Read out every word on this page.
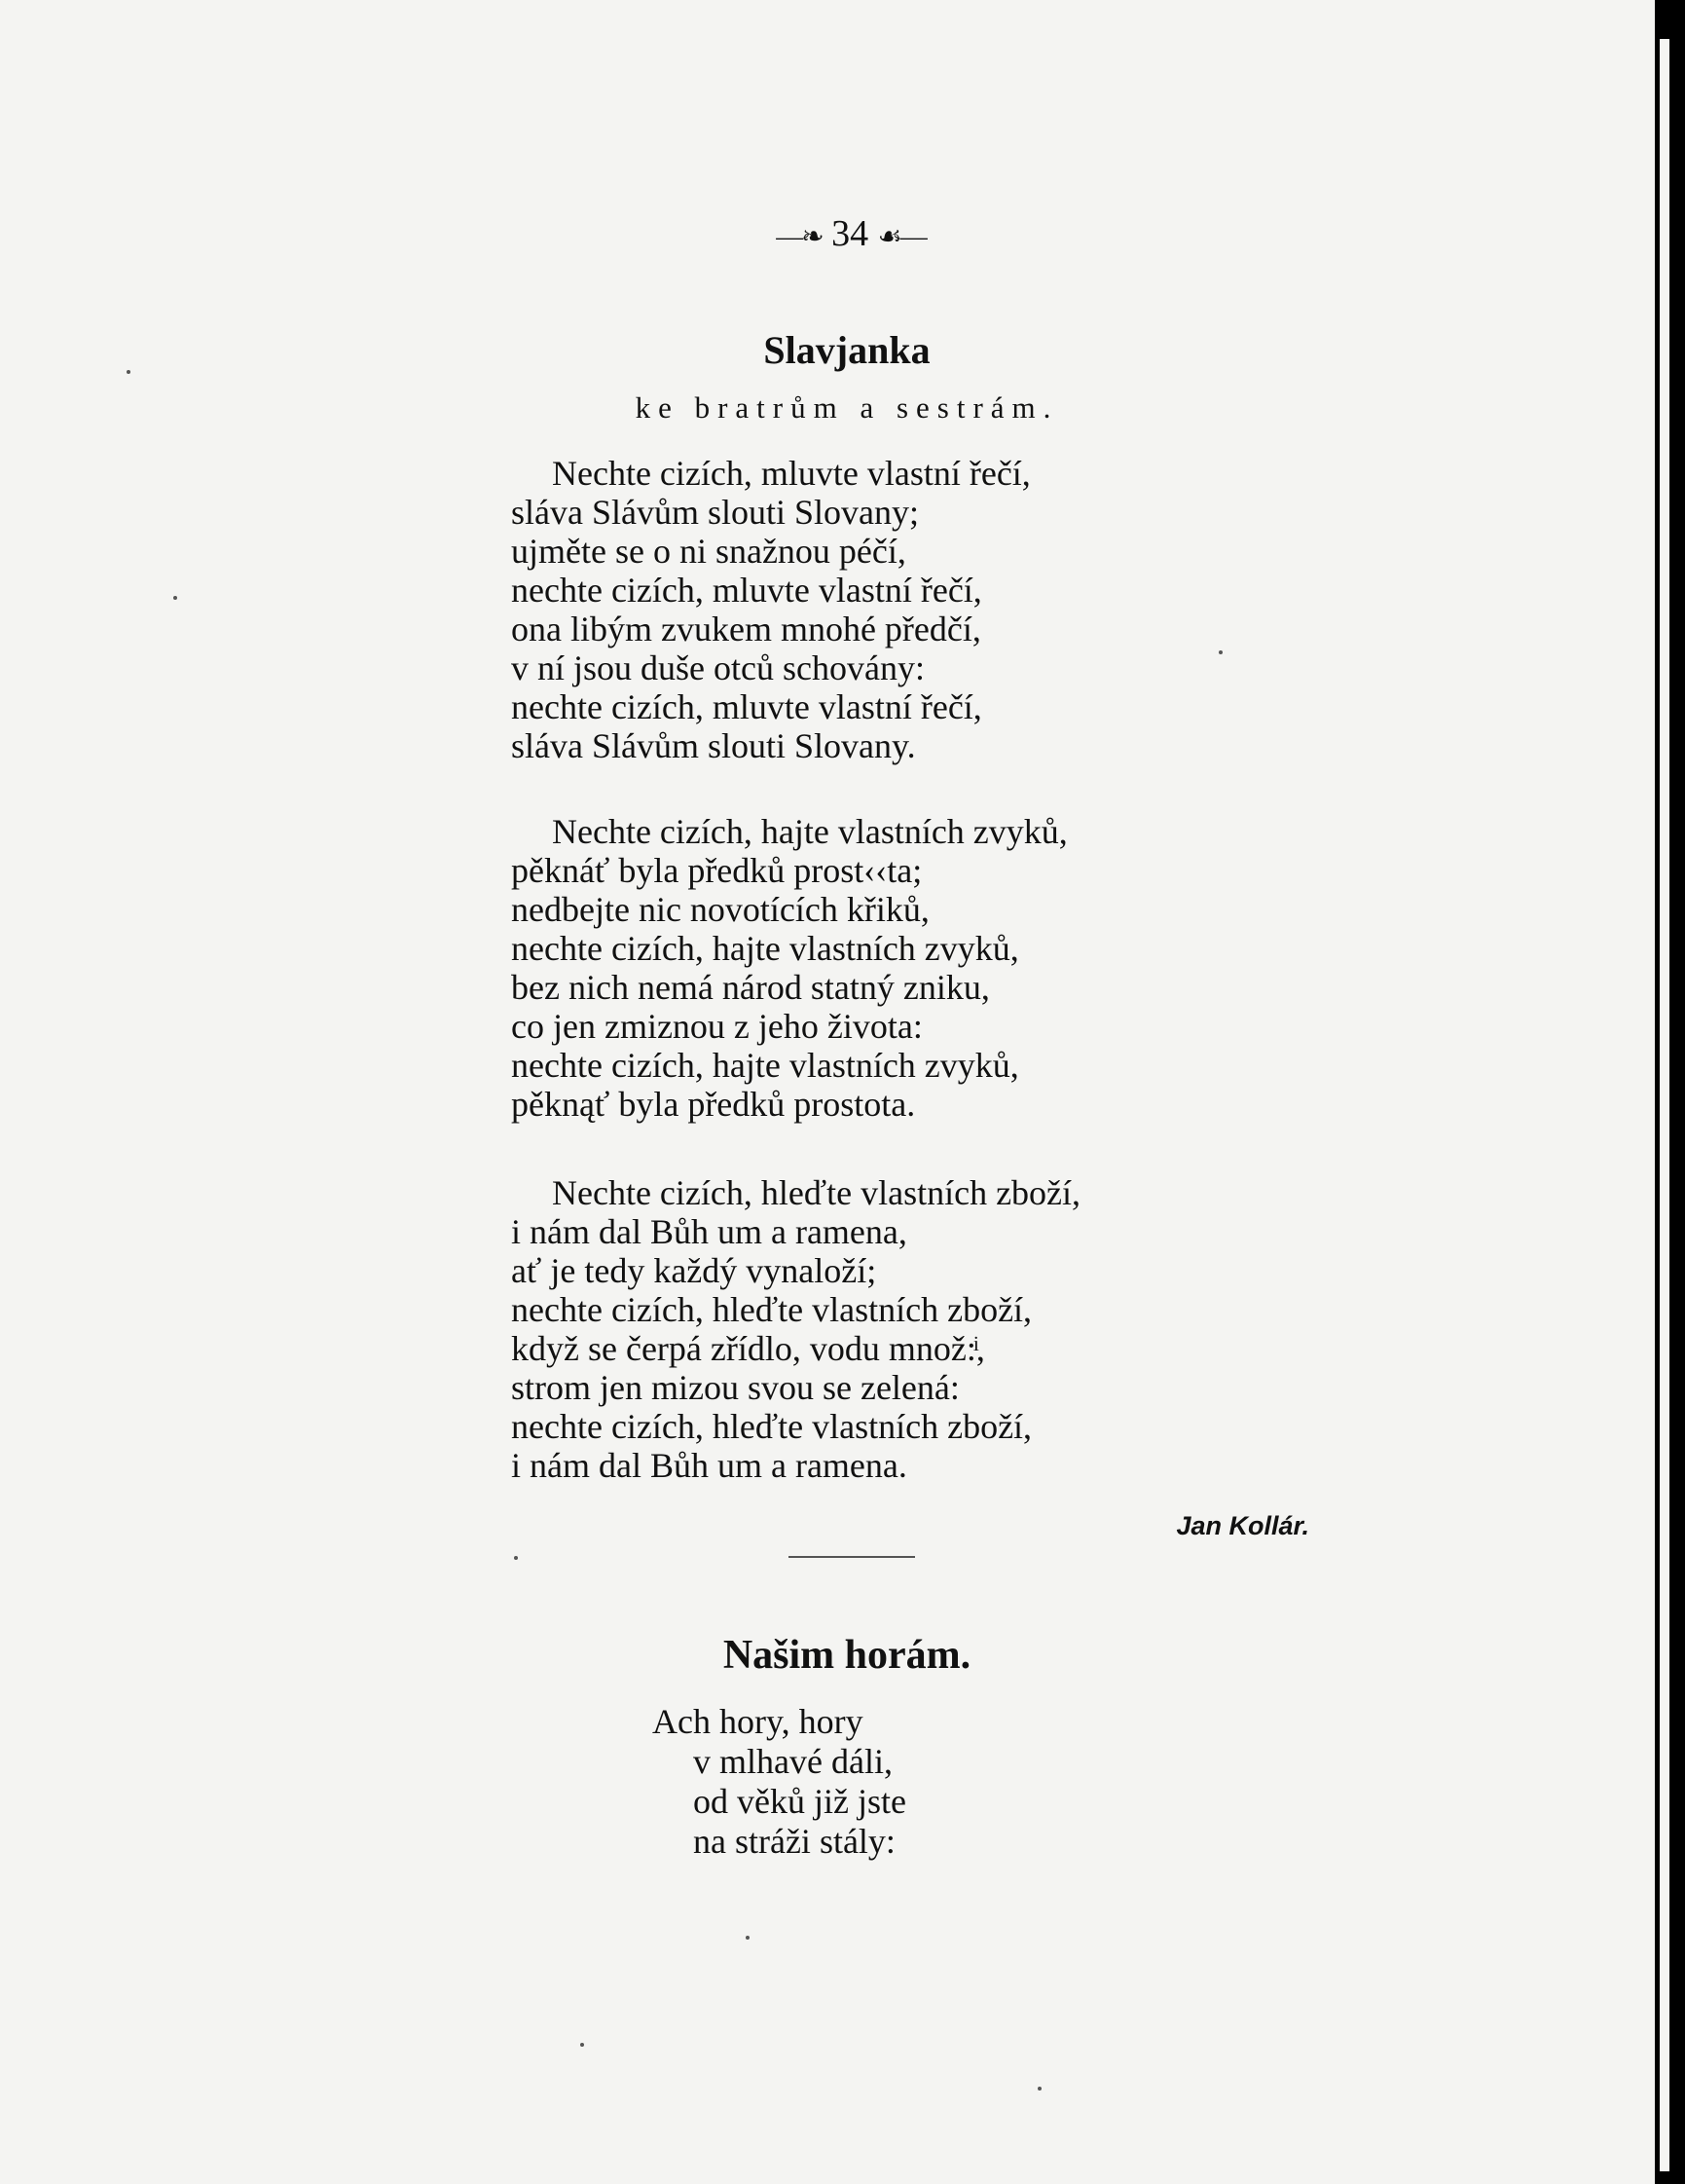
—❧ 34 ☙—
Slavjanka
ke bratrům a sestrám.
Nechte cizích, mluvte vlastní řečí,
sláva Slávům slouti Slovany;
ujměte se o ni snažnou péčí,
nechte cizích, mluvte vlastní řečí,
ona libým zvukem mnohé předčí,
v ní jsou duše otců schovány:
nechte cizích, mluvte vlastní řečí,
sláva Slávům slouti Slovany.
Nechte cizích, hajte vlastních zvyků,
pěknáť byla předků prost‹‹ta;
nedbejte nic novotících křiků,
nechte cizích, hajte vlastních zvyků,
bez nich nemá národ statný zniku,
co jen zmiznou z jeho života:
nechte cizích, hajte vlastních zvyků,
pěknąť byla předků prostota.
Nechte cizích, hleďte vlastních zboží,
i nám dal Bůh um a ramena,
ať je tedy každý vynaloží;
nechte cizích, hleďte vlastních zboží,
když se čerpá zřídlo, vodu množ:ͥ,
strom jen mizou svou se zelená:
nechte cizích, hleďte vlastních zboží,
i nám dal Bůh um a ramena.
Jan Kollár.
Našim horám.
Ach hory, hory
v mlhavé dáli,
od věků již jste
na stráži stály:
